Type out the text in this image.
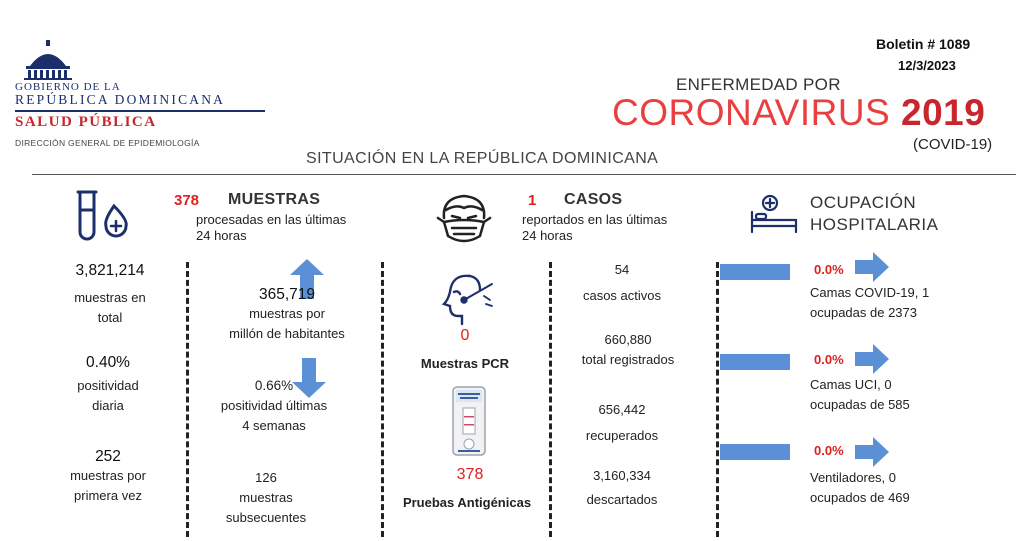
GOBIERNO DE LA
REPÚBLICA DOMINICANA
SALUD PÚBLICA
DIRECCIÓN GENERAL DE EPIDEMIOLOGÍA
Boletin # 1089
12/3/2023
ENFERMEDAD POR
CORONAVIRUS 2019
(COVID-19)
SITUACIÓN EN LA REPÚBLICA DOMINICANA
378 MUESTRAS
procesadas en las últimas
24 horas
1 CASOS
reportados en las últimas
24 horas
OCUPACIÓN
HOSPITALARIA
3,821,214
muestras en
total
0.40%
positividad
diaria
252
muestras por
primera vez
365,719
muestras por
millón de habitantes
0.66%
positividad últimas
4 semanas
126
muestras
subsecuentes
0
Muestras PCR
378
Pruebas Antigénicas
54
casos activos
660,880
total registrados
656,442
recuperados
3,160,334
descartados
0.0%
Camas COVID-19, 1
ocupadas de 2373
0.0%
Camas UCI, 0
ocupadas de 585
0.0%
Ventiladores, 0
ocupados de 469
